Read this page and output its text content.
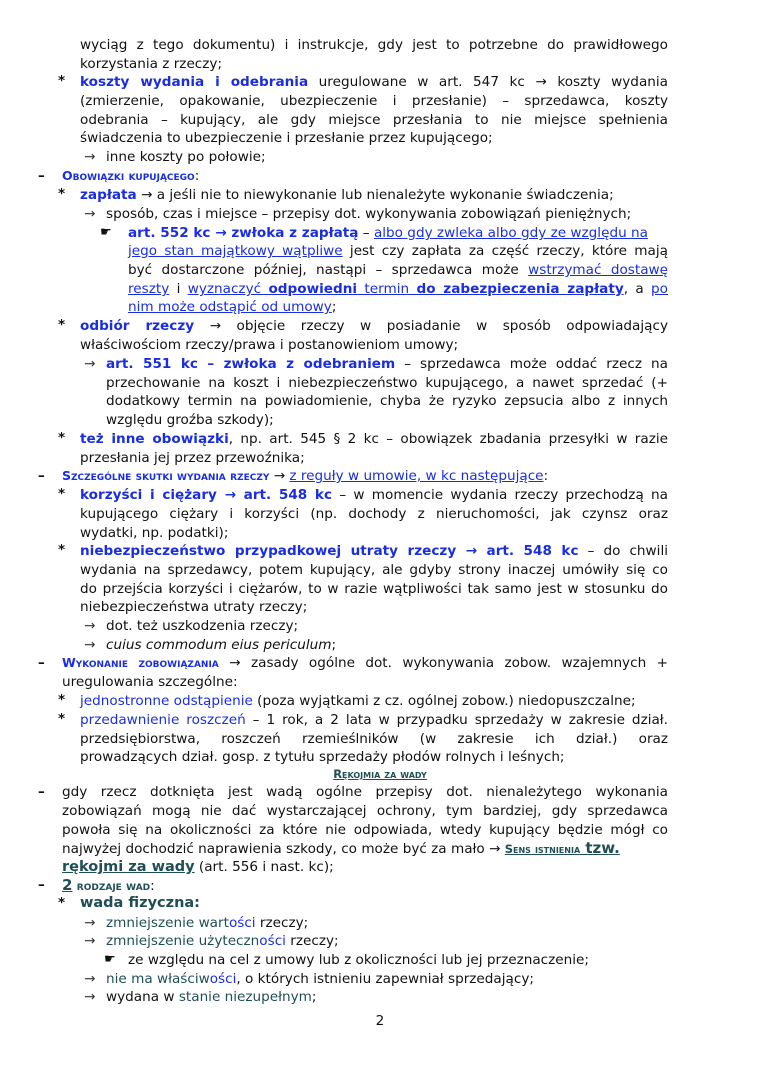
wyciąg z tego dokumentu) i instrukcje, gdy jest to potrzebne do prawidłowego
korzystania z rzeczy;
* koszty wydania i odebrania uregulowane w art. 547 kc → koszty wydania
(zmierzenie, opakowanie, ubezpieczenie i przesłanie) – sprzedawca, koszty
odebrania – kupujący, ale gdy miejsce przesłania to nie miejsce spełnienia
świadczenia to ubezpieczenie i przesłanie przez kupującego;
→ inne koszty po połowie;
– Obowiązki kupującego:
* zapłata → a jeśli nie to niewykonanie lub nienależyte wykonanie świadczenia;
→ sposób, czas i miejsce – przepisy dot. wykonywania zobowiązań pieniężnych;
☛ art. 552 kc → zwłoka z zapłatą – albo gdy zwleka albo gdy ze względu na
jego stan majątkowy wątpliwe jest czy zapłata za część rzeczy, które mają
być dostarczone później, nastąpi – sprzedawca może wstrzymać dostawę
reszty i wyznaczyć odpowiedni termin do zabezpieczenia zapłaty, a po
nim może odstąpić od umowy;
* odbiór rzeczy → objęcie rzeczy w posiadanie w sposób odpowiadający
właściwościom rzeczy/prawa i postanowieniom umowy;
→ art. 551 kc – zwłoka z odebraniem – sprzedawca może oddać rzecz na
przechowanie na koszt i niebezpieczeństwo kupującego, a nawet sprzedać (+
dodatkowy termin na powiadomienie, chyba że ryzyko zepsucia albo z innych
względu groźba szkody);
* też inne obowiązki, np. art. 545 § 2 kc – obowiązek zbadania przesyłki w razie
przesłania jej przez przewoźnika;
– Szczególne skutki wydania rzeczy → z reguły w umowie, w kc następujące:
* korzyści i ciężary → art. 548 kc – w momencie wydania rzeczy przechodzą na
kupującego ciężary i korzyści (np. dochody z nieruchomości, jak czynsz oraz
wydatki, np. podatki);
* niebezpieczeństwo przypadkowej utraty rzeczy → art. 548 kc – do chwili
wydania na sprzedawcy, potem kupujący, ale gdyby strony inaczej umówiły się co
do przejścia korzyści i ciężarów, to w razie wątpliwości tak samo jest w stosunku do
niebezpieczeństwa utraty rzeczy;
→ dot. też uszkodzenia rzeczy;
→ cuius commodum eius periculum;
– Wykonanie zobowiązania → zasady ogólne dot. wykonywania zobow. wzajemnych +
uregulowania szczególne:
* jednostronne odstąpienie (poza wyjątkami z cz. ogólnej zobow.) niedopuszczalne;
* przedawnienie roszczeń – 1 rok, a 2 lata w przypadku sprzedaży w zakresie dział.
przedsiębiorstwa, roszczeń rzemieślników (w zakresie ich dział.) oraz
prowadzących dział. gosp. z tytułu sprzedaży płodów rolnych i leśnych;
Rękojmia za wady
– gdy rzecz dotknięta jest wadą ogólne przepisy dot. nienależytego wykonania
zobowiązań mogą nie dać wystarczającej ochrony, tym bardziej, gdy sprzedawca
powoła się na okoliczności za które nie odpowiada, wtedy kupujący będzie mógł co
najwyżej dochodzić naprawienia szkody, co może być za mało → Sens istnienia tzw.
rękojmi za wady (art. 556 i nast. kc);
– 2 rodzaje wad:
* wada fizyczna:
→ zmniejszenie wartości rzeczy;
→ zmniejszenie użyteczności rzeczy;
☛ ze względu na cel z umowy lub z okoliczności lub jej przeznaczenie;
→ nie ma właściwości, o których istnieniu zapewniał sprzedający;
→ wydana w stanie niezupełnym;
2
